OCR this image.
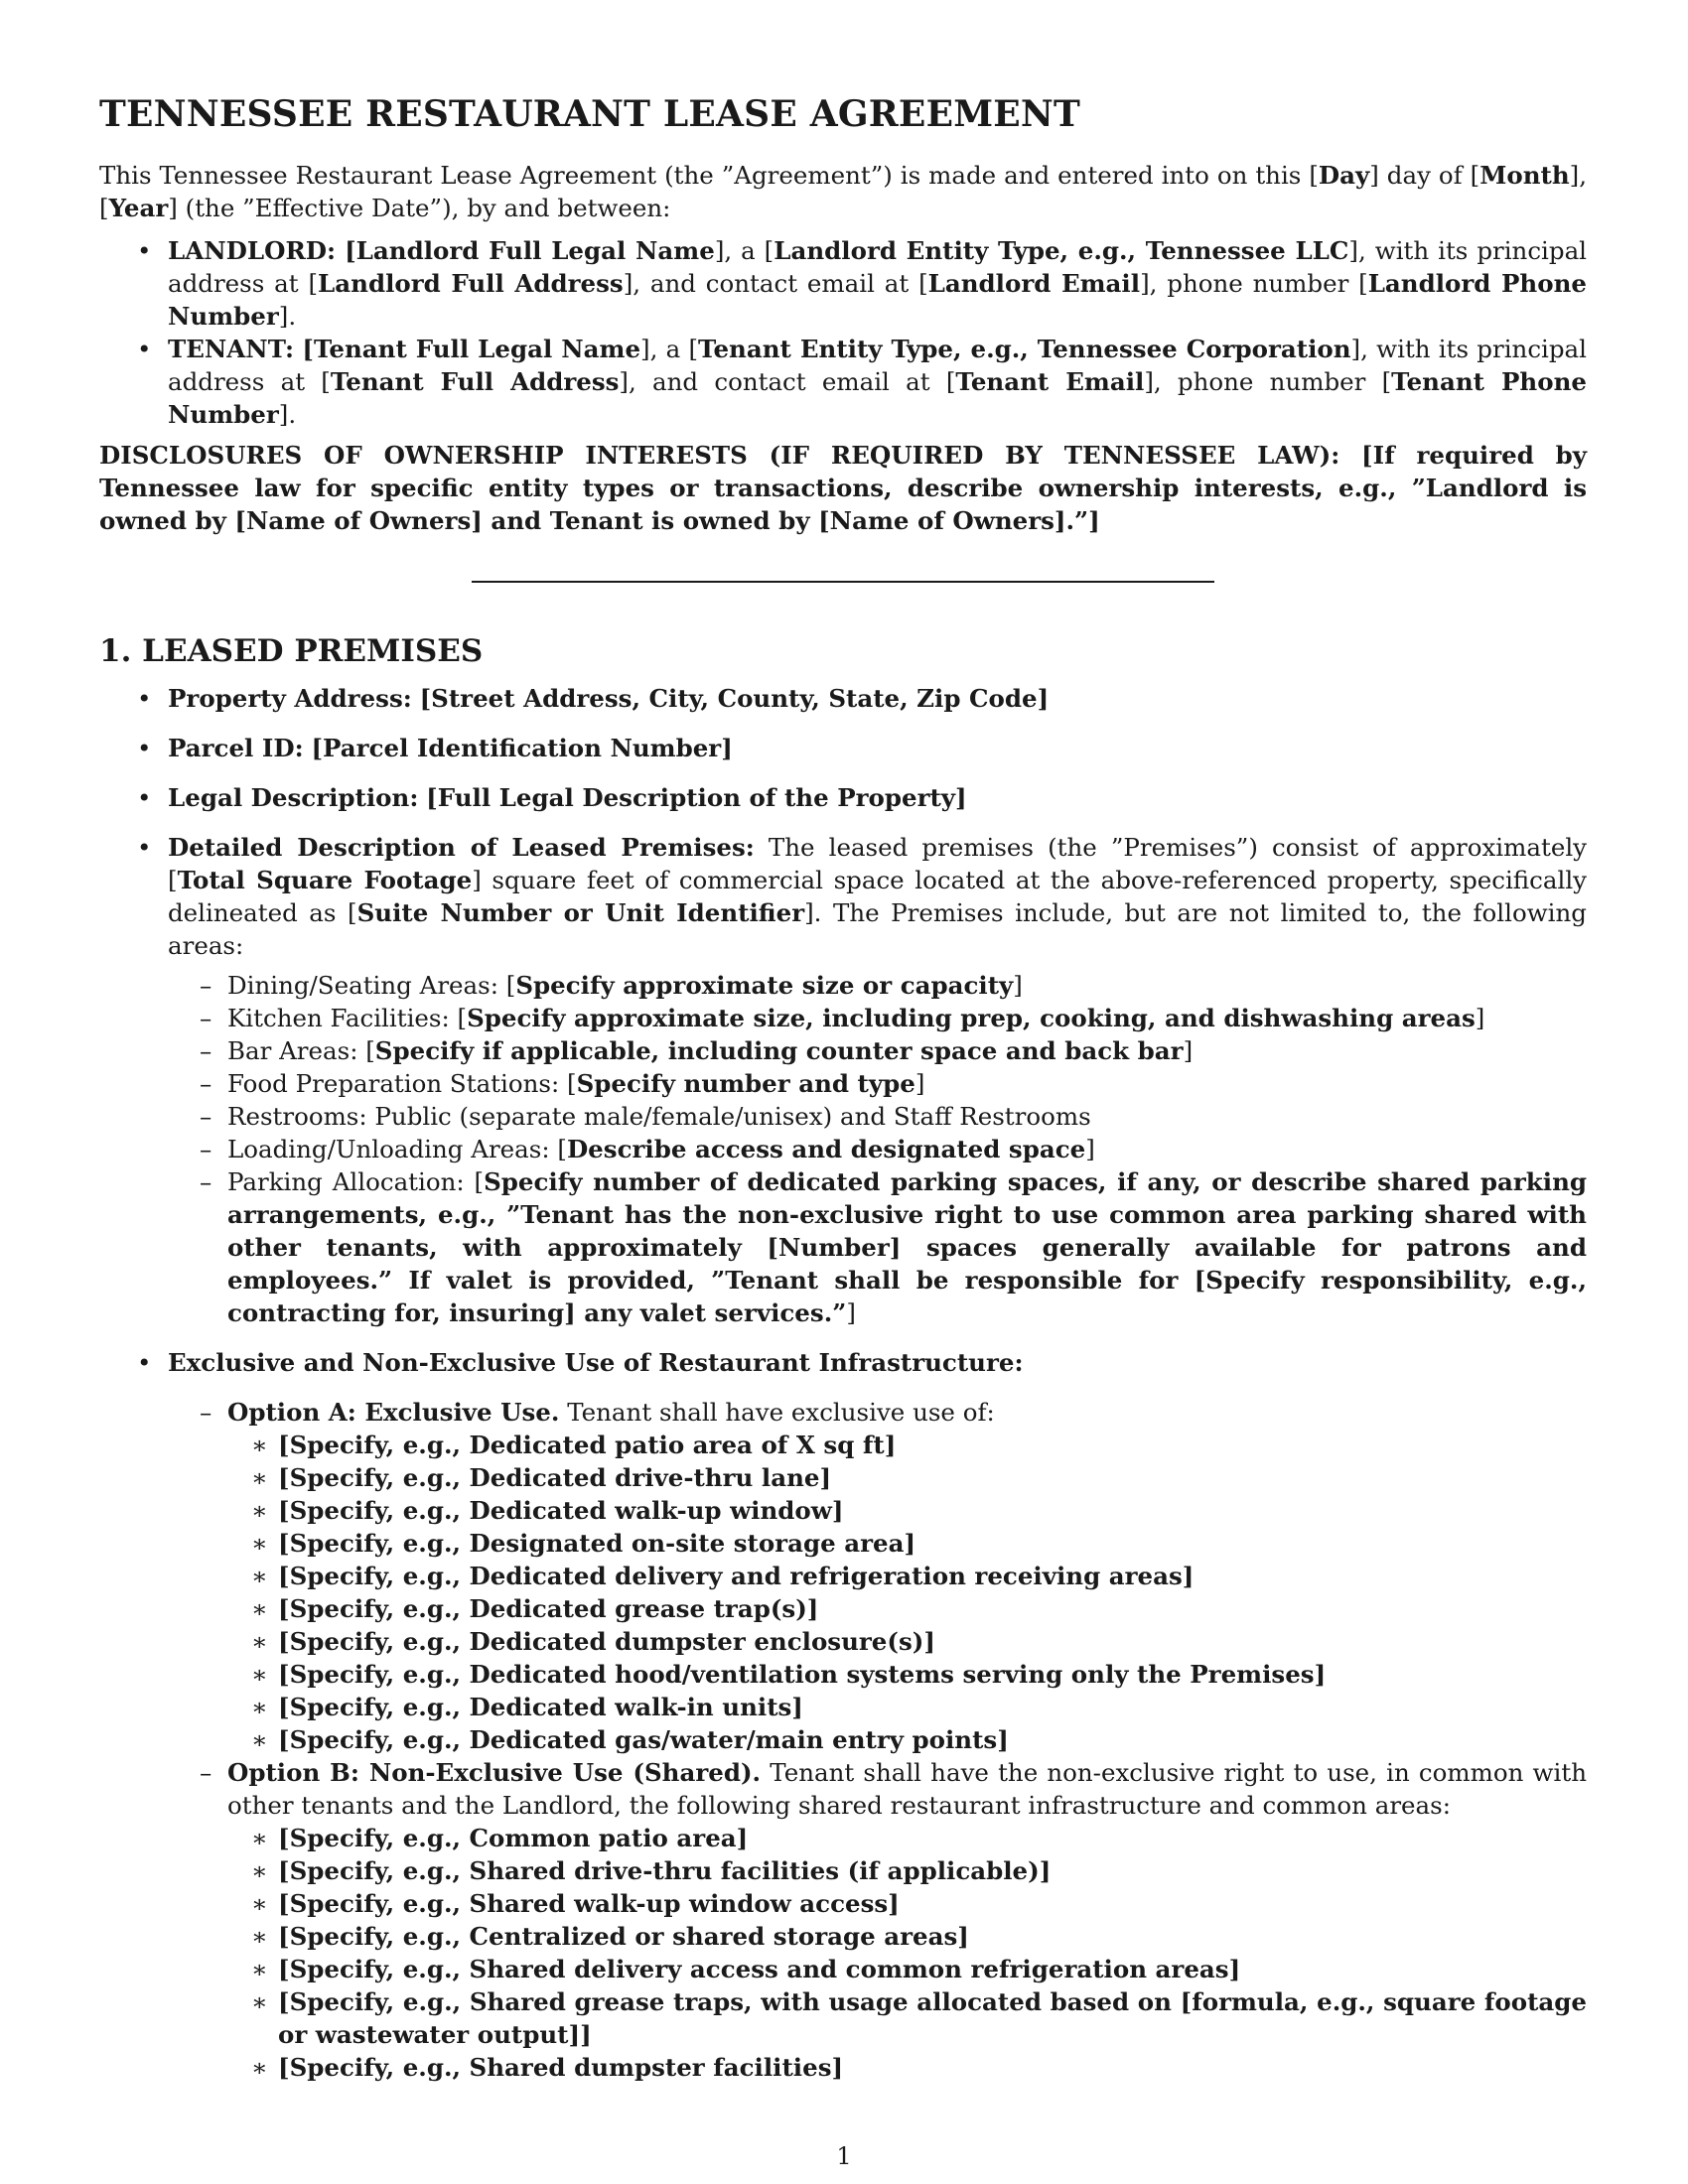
TENNESSEE RESTAURANT LEASE AGREEMENT

This Tennessee Restaurant Lease Agreement (the ”Agreement”) is made and entered into on this [Day] day of [Month], [Year] (the ”Effective Date”), by and between:

• LANDLORD: [Landlord Full Legal Name], a [Landlord Entity Type, e.g., Tennessee LLC], with its principal address at [Landlord Full Address], and contact email at [Landlord Email], phone number [Landlord Phone Number].
• TENANT: [Tenant Full Legal Name], a [Tenant Entity Type, e.g., Tennessee Corporation], with its principal address at [Tenant Full Address], and contact email at [Tenant Email], phone number [Tenant Phone Number].

DISCLOSURES OF OWNERSHIP INTERESTS (IF REQUIRED BY TENNESSEE LAW): [If required by Tennessee law for specific entity types or transactions, describe ownership interests, e.g., ”Landlord is owned by [Name of Owners] and Tenant is owned by [Name of Owners].”]

1. LEASED PREMISES
• Property Address: [Street Address, City, County, State, Zip Code]
• Parcel ID: [Parcel Identification Number]
• Legal Description: [Full Legal Description of the Property]
• Detailed Description of Leased Premises: The leased premises (the ”Premises”) consist of approximately [Total Square Footage] square feet of commercial space located at the above-referenced property, specifically delineated as [Suite Number or Unit Identifier]. The Premises include, but are not limited to, the following areas:
– Dining/Seating Areas: [Specify approximate size or capacity]
– Kitchen Facilities: [Specify approximate size, including prep, cooking, and dishwashing areas]
– Bar Areas: [Specify if applicable, including counter space and back bar]
– Food Preparation Stations: [Specify number and type]
– Restrooms: Public (separate male/female/unisex) and Staff Restrooms
– Loading/Unloading Areas: [Describe access and designated space]
– Parking Allocation: [Specify number of dedicated parking spaces, if any, or describe shared parking arrangements, e.g., ”Tenant has the non-exclusive right to use common area parking shared with other tenants, with approximately [Number] spaces generally available for patrons and employees.” If valet is provided, ”Tenant shall be responsible for [Specify responsibility, e.g., contracting for, insuring] any valet services.”]
• Exclusive and Non-Exclusive Use of Restaurant Infrastructure:
– Option A: Exclusive Use. Tenant shall have exclusive use of:
∗ [Specify, e.g., Dedicated patio area of X sq ft]
∗ [Specify, e.g., Dedicated drive-thru lane]
∗ [Specify, e.g., Dedicated walk-up window]
∗ [Specify, e.g., Designated on-site storage area]
∗ [Specify, e.g., Dedicated delivery and refrigeration receiving areas]
∗ [Specify, e.g., Dedicated grease trap(s)]
∗ [Specify, e.g., Dedicated dumpster enclosure(s)]
∗ [Specify, e.g., Dedicated hood/ventilation systems serving only the Premises]
∗ [Specify, e.g., Dedicated walk-in units]
∗ [Specify, e.g., Dedicated gas/water/main entry points]
– Option B: Non-Exclusive Use (Shared). Tenant shall have the non-exclusive right to use, in common with other tenants and the Landlord, the following shared restaurant infrastructure and common areas:
∗ [Specify, e.g., Common patio area]
∗ [Specify, e.g., Shared drive-thru facilities (if applicable)]
∗ [Specify, e.g., Shared walk-up window access]
∗ [Specify, e.g., Centralized or shared storage areas]
∗ [Specify, e.g., Shared delivery access and common refrigeration areas]
∗ [Specify, e.g., Shared grease traps, with usage allocated based on [formula, e.g., square footage or wastewater output]]
∗ [Specify, e.g., Shared dumpster facilities]
1
